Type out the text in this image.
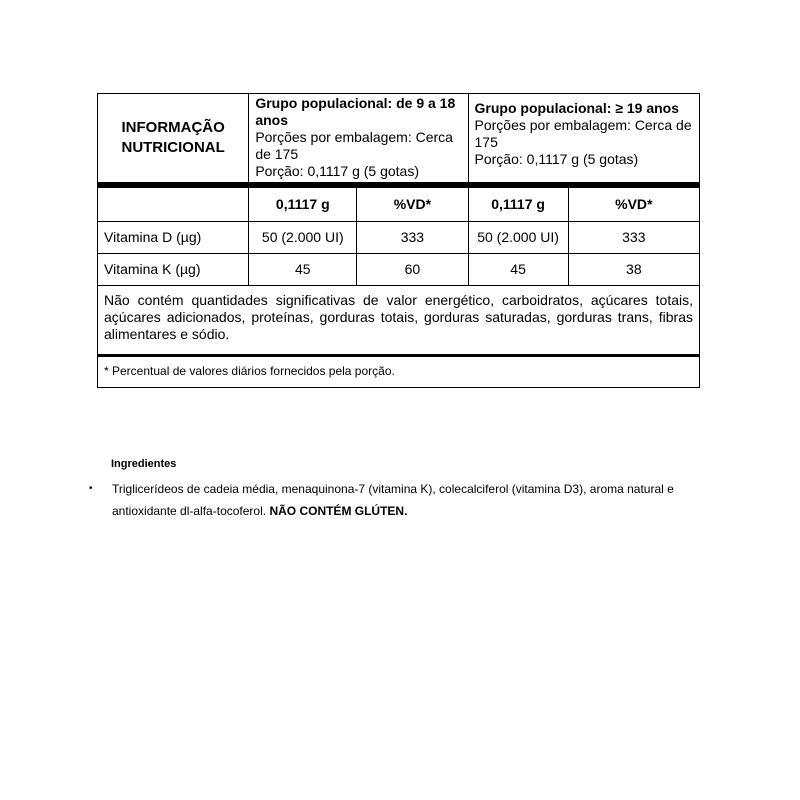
INFORMAÇÃO
NUTRICIONAL	Grupo populacional: de 9 a 18 anos
Porções por embalagem: Cerca de 175
Porção: 0,1117 g (5 gotas)		Grupo populacional: ≥ 19 anos
Porções por embalagem: Cerca de 175
Porção: 0,1117 g (5 gotas)	
	0,1117 g	%VD*	0,1117 g	%VD*
Vitamina D (µg)	50 (2.000 UI)	333	50 (2.000 UI)	333
Vitamina K (µg)	45	60	45	38
Não contém quantidades significativas de valor energético, carboidratos, açúcares totais, açúcares adicionados, proteínas, gorduras totais, gorduras saturadas, gorduras trans, fibras alimentares e sódio.				
* Percentual de valores diários fornecidos pela porção.				
Ingredientes
• Triglicerídeos de cadeia média, menaquinona-7 (vitamina K), colecalciferol (vitamina D3), aroma natural e antioxidante dl-alfa-tocoferol. NÃO CONTÉM GLÚTEN.
